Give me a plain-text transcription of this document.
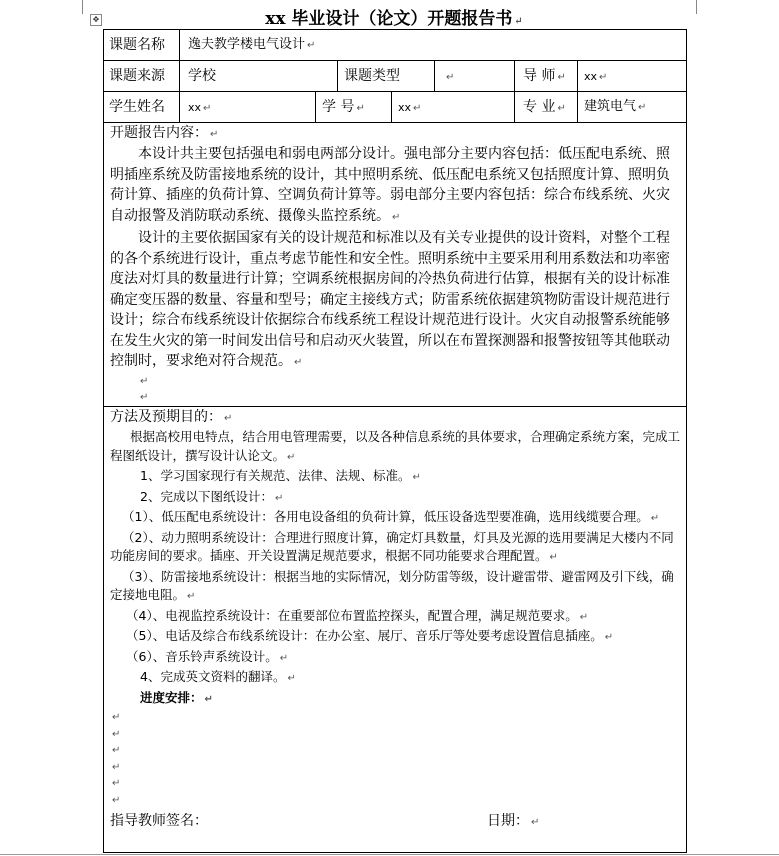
✥	xx 毕业设计（论文）开题报告书 ↵
课题名称 逸夫教学楼电气设计 ↵
课题来源 学校	课题类型	↵	导 师 ↵ xx ↵
学生姓名 xx ↵	学 号 ↵	xx ↵	专 业 ↵ 建筑电气 ↵

开题报告内容： ↵

本设计共主要包括强电和弱电两部分设计。强电部分主要内容包括：低压配电系统、照明插座系统及防雷接地系统的设计，其中照明系统、低压配电系统又包括照度计算、照明负荷计算、插座的负荷计算、空调负荷计算等。弱电部分主要内容包括：综合布线系统、火灾自动报警及消防联动系统、摄像头监控系统。 ↵

设计的主要依据国家有关的设计规范和标准以及有关专业提供的设计资料，对整个工程的各个系统进行设计，重点考虑节能性和安全性。照明系统中主要采用利用系数法和功率密度法对灯具的数量进行计算；空调系统根据房间的冷热负荷进行估算，根据有关的设计标准确定变压器的数量、容量和型号；确定主接线方式；防雷系统依据建筑物防雷设计规范进行设计；综合布线系统设计依据综合布线系统工程设计规范进行设计。火灾自动报警系统能够在发生火灾的第一时间发出信号和启动灭火装置，所以在布置探测器和报警按钮等其他联动控制时，要求绝对符合规范。 ↵

↵
↵

方法及预期目的： ↵

根据高校用电特点，结合用电管理需要，以及各种信息系统的具体要求，合理确定系统方案，完成工程图纸设计，撰写设计认论文。 ↵

1、学习国家现行有关规范、法律、法规、标准。 ↵

2、完成以下图纸设计： ↵

（1）、低压配电系统设计：各用电设备组的负荷计算，低压设备选型要准确，选用线缆要合理。 ↵

（2）、动力照明系统设计：合理进行照度计算，确定灯具数量，灯具及光源的选用要满足大楼内不同功能房间的要求。插座、开关设置满足规范要求，根据不同功能要求合理配置。 ↵

（3）、防雷接地系统设计：根据当地的实际情况，划分防雷等级，设计避雷带、避雷网及引下线，确定接地电阻。 ↵

（4）、电视监控系统设计：在重要部位布置监控探头，配置合理，满足规范要求。 ↵

（5）、电话及综合布线系统设计：在办公室、展厅、音乐厅等处要考虑设置信息插座。 ↵

（6）、音乐铃声系统设计。 ↵

4、完成英文资料的翻译。 ↵

进度安排： ↵

↵
↵
↵
↵
↵
↵
指导教师签名：	日期： ↵
